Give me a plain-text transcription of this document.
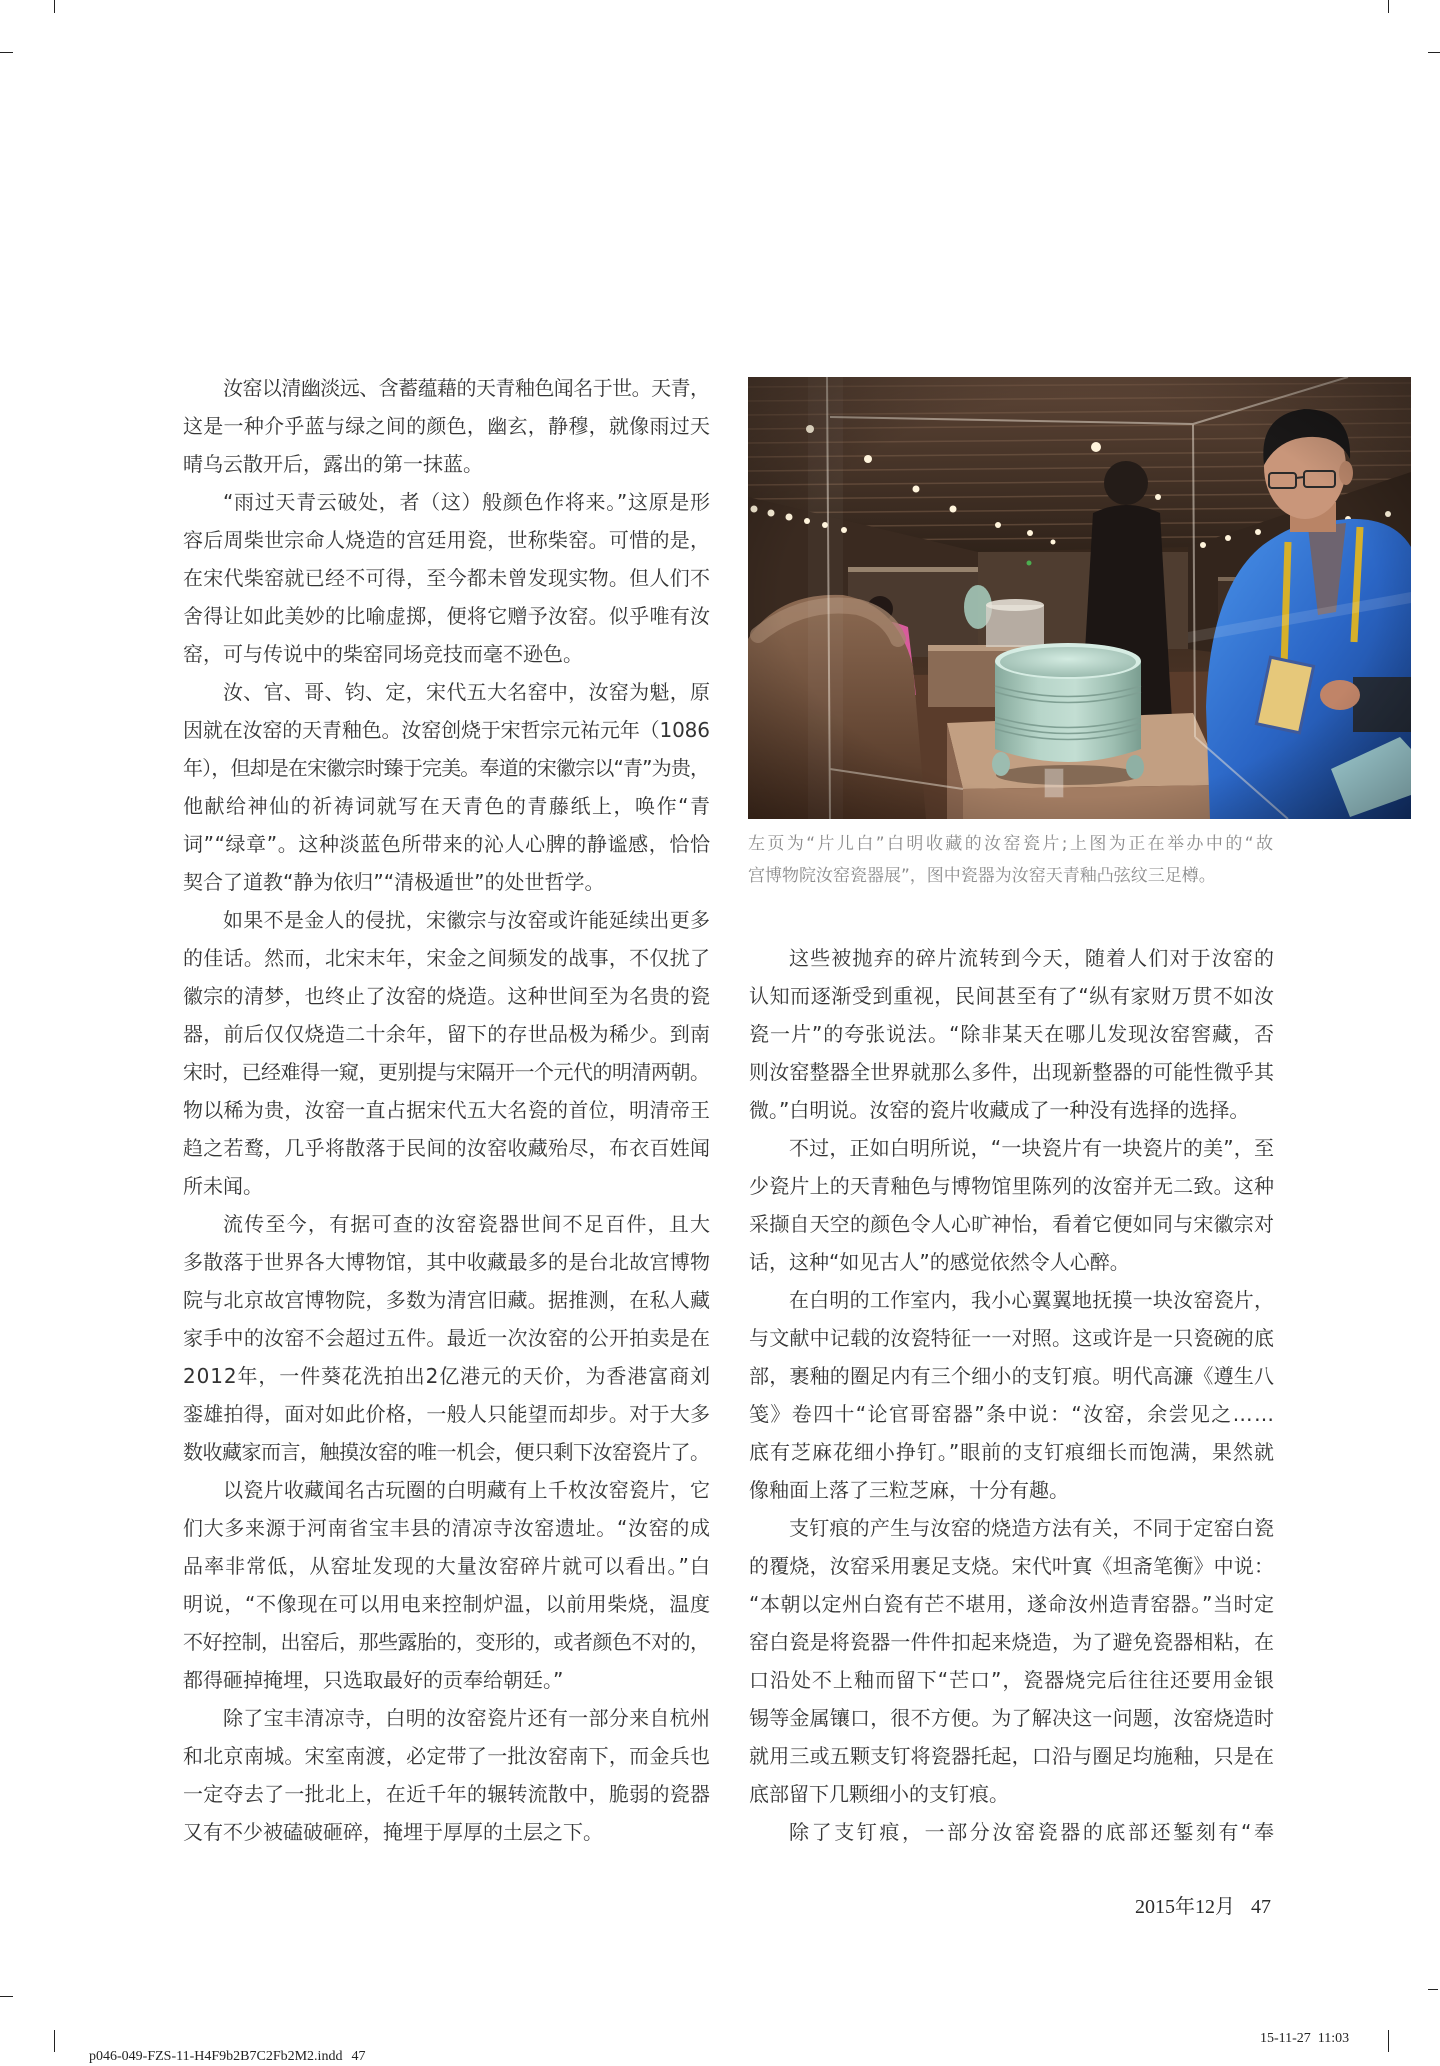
汝窑以清幽淡远、含蓄蕴藉的天青釉色闻名于世。天青，
这是一种介乎蓝与绿之间的颜色，幽玄，静穆，就像雨过天
晴乌云散开后，露出的第一抹蓝。
“雨过天青云破处，者（这）般颜色作将来。”这原是形
容后周柴世宗命人烧造的宫廷用瓷，世称柴窑。可惜的是，
在宋代柴窑就已经不可得，至今都未曾发现实物。但人们不
舍得让如此美妙的比喻虚掷，便将它赠予汝窑。似乎唯有汝
窑，可与传说中的柴窑同场竞技而毫不逊色。
汝、官、哥、钧、定，宋代五大名窑中，汝窑为魁，原
因就在汝窑的天青釉色。汝窑创烧于宋哲宗元祐元年（1086
年），但却是在宋徽宗时臻于完美。奉道的宋徽宗以“青”为贵，
他献给神仙的祈祷词就写在天青色的青藤纸上，唤作“青
词”“绿章”。这种淡蓝色所带来的沁人心脾的静谧感，恰恰
契合了道教“静为依归”“清极遁世”的处世哲学。
如果不是金人的侵扰，宋徽宗与汝窑或许能延续出更多
的佳话。然而，北宋末年，宋金之间频发的战事，不仅扰了
徽宗的清梦，也终止了汝窑的烧造。这种世间至为名贵的瓷
器，前后仅仅烧造二十余年，留下的存世品极为稀少。到南
宋时，已经难得一窥，更别提与宋隔开一个元代的明清两朝。
物以稀为贵，汝窑一直占据宋代五大名瓷的首位，明清帝王
趋之若鹜，几乎将散落于民间的汝窑收藏殆尽，布衣百姓闻
所未闻。
流传至今，有据可查的汝窑瓷器世间不足百件，且大
多散落于世界各大博物馆，其中收藏最多的是台北故宫博物
院与北京故宫博物院，多数为清宫旧藏。据推测，在私人藏
家手中的汝窑不会超过五件。最近一次汝窑的公开拍卖是在
2012年，一件葵花洗拍出2亿港元的天价，为香港富商刘
銮雄拍得，面对如此价格，一般人只能望而却步。对于大多
数收藏家而言，触摸汝窑的唯一机会，便只剩下汝窑瓷片了。
以瓷片收藏闻名古玩圈的白明藏有上千枚汝窑瓷片，它
们大多来源于河南省宝丰县的清凉寺汝窑遗址。“汝窑的成
品率非常低，从窑址发现的大量汝窑碎片就可以看出。”白
明说，“不像现在可以用电来控制炉温，以前用柴烧，温度
不好控制，出窑后，那些露胎的，变形的，或者颜色不对的，
都得砸掉掩埋，只选取最好的贡奉给朝廷。”
除了宝丰清凉寺，白明的汝窑瓷片还有一部分来自杭州
和北京南城。宋室南渡，必定带了一批汝窑南下，而金兵也
一定夺去了一批北上，在近千年的辗转流散中，脆弱的瓷器
又有不少被磕破砸碎，掩埋于厚厚的土层之下。
左页为“片儿白”白明收藏的汝窑瓷片;上图为正在举办中的“故
宫博物院汝窑瓷器展”，图中瓷器为汝窑天青釉凸弦纹三足樽。
这些被抛弃的碎片流转到今天，随着人们对于汝窑的
认知而逐渐受到重视，民间甚至有了“纵有家财万贯不如汝
瓷一片”的夸张说法。“除非某天在哪儿发现汝窑窖藏，否
则汝窑整器全世界就那么多件，出现新整器的可能性微乎其
微。”白明说。汝窑的瓷片收藏成了一种没有选择的选择。
不过，正如白明所说，“一块瓷片有一块瓷片的美”，至
少瓷片上的天青釉色与博物馆里陈列的汝窑并无二致。这种
采撷自天空的颜色令人心旷神怡，看着它便如同与宋徽宗对
话，这种“如见古人”的感觉依然令人心醉。
在白明的工作室内，我小心翼翼地抚摸一块汝窑瓷片，
与文献中记载的汝瓷特征一一对照。这或许是一只瓷碗的底
部，裹釉的圈足内有三个细小的支钉痕。明代高濂《遵生八
笺》卷四十“论官哥窑器”条中说：“汝窑，余尝见之……
底有芝麻花细小挣钉。”眼前的支钉痕细长而饱满，果然就
像釉面上落了三粒芝麻，十分有趣。
支钉痕的产生与汝窑的烧造方法有关，不同于定窑白瓷
的覆烧，汝窑采用裹足支烧。宋代叶寘《坦斋笔衡》中说：
“本朝以定州白瓷有芒不堪用，遂命汝州造青窑器。”当时定
窑白瓷是将瓷器一件件扣起来烧造，为了避免瓷器相粘，在
口沿处不上釉而留下“芒口”，瓷器烧完后往往还要用金银
锡等金属镶口，很不方便。为了解决这一问题，汝窑烧造时
就用三或五颗支钉将瓷器托起，口沿与圈足均施釉，只是在
底部留下几颗细小的支钉痕。
除了支钉痕，一部分汝窑瓷器的底部还錾刻有“奉
2015年12月 47

p046-049-FZS-11-H4F9b2B7C2Fb2M2.indd 47

15-11-27  11:03
